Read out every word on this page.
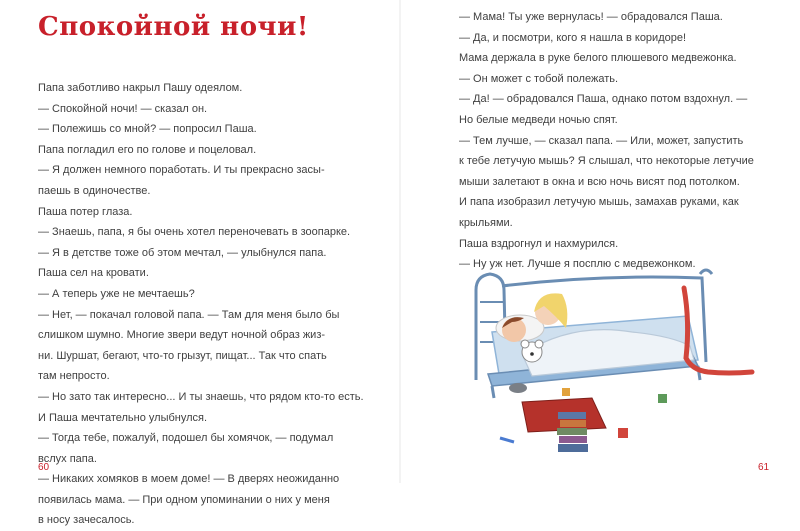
Спокойной ночи!
Папа заботливо накрыл Пашу одеялом.
— Спокойной ночи! — сказал он.
— Полежишь со мной? — попросил Паша.
Папа погладил его по голове и поцеловал.
— Я должен немного поработать. И ты прекрасно засы-
паешь в одиночестве.
Паша потер глаза.
— Знаешь, папа, я бы очень хотел переночевать в зоопарке.
— Я в детстве тоже об этом мечтал, — улыбнулся папа.
Паша сел на кровати.
— А теперь уже не мечтаешь?
— Нет, — покачал головой папа. — Там для меня было бы
слишком шумно. Многие звери ведут ночной образ жиз-
ни. Шуршат, бегают, что-то грызут, пищат... Так что спать
там непросто.
— Но зато так интересно... И ты знаешь, что рядом кто-то есть.
И Паша мечтательно улыбнулся.
— Тогда тебе, пожалуй, подошел бы хомячок, — подумал
вслух папа.
— Никаких хомяков в моем доме! — В дверях неожиданно
появилась мама. — При одном упоминании о них у меня
в носу зачесалось.
60
— Мама! Ты уже вернулась! — обрадовался Паша.
— Да, и посмотри, кого я нашла в коридоре!
Мама держала в руке белого плюшевого медвежонка.
— Он может с тобой полежать.
— Да! — обрадовался Паша, однако потом вздохнул. —
Но белые медведи ночью спят.
— Тем лучше, — сказал папа. — Или, может, запустить
к тебе летучую мышь? Я слышал, что некоторые летучие
мыши залетают в окна и всю ночь висят под потолком.
И папа изобразил летучую мышь, замахав руками, как
крыльями.
Паша вздрогнул и нахмурился.
— Ну уж нет. Лучше я посплю с медвежонком.
61
